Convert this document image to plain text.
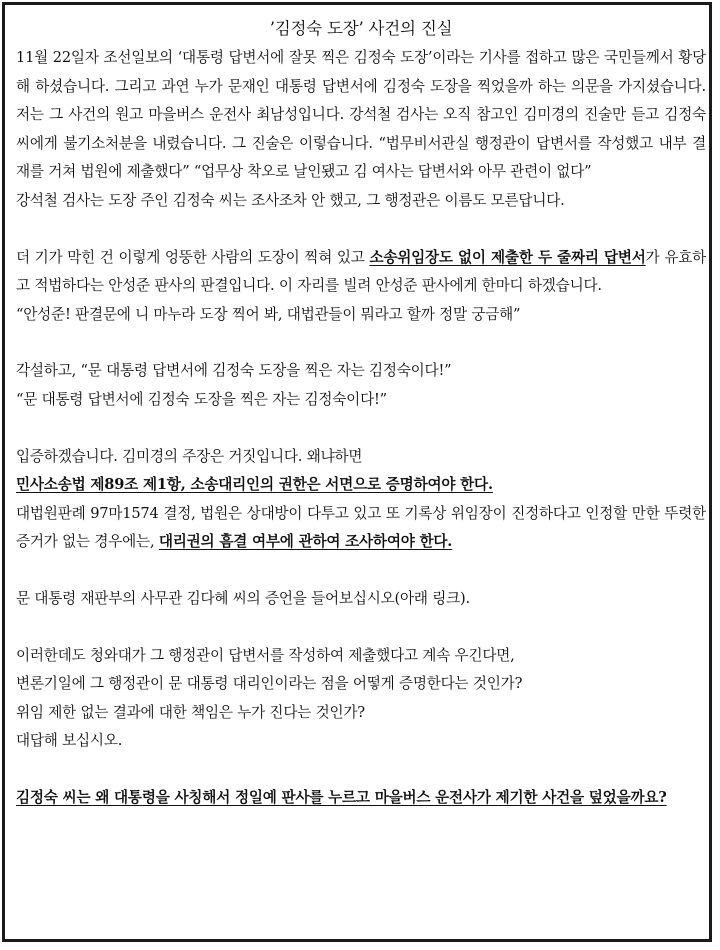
’김정숙 도장’ 사건의 진실

11월 22일자 조선일보의 ‘대통령 답변서에 잘못 찍은 김정숙 도장’이라는 기사를 접하고 많은 국민들께서 황당해 하셨습니다. 그리고 과연 누가 문재인 대통령 답변서에 김정숙 도장을 찍었을까 하는 의문을 가지셨습니다. 저는 그 사건의 원고 마을버스 운전사 최남성입니다. 강석철 검사는 오직 참고인 김미경의 진술만 듣고 김정숙 씨에게 불기소처분을 내렸습니다. 그 진술은 이렇습니다. “법무비서관실 행정관이 답변서를 작성했고 내부 결재를 거쳐 법원에 제출했다” “업무상 착오로 날인됐고 김 여사는 답변서와 아무 관련이 없다”

강석철 검사는 도장 주인 김정숙 씨는 조사조차 안 했고, 그 행정관은 이름도 모른답니다.

더 기가 막힌 건 이렇게 엉뚱한 사람의 도장이 찍혀 있고 소송위임장도 없이 제출한 두 줄짜리 답변서가 유효하고 적법하다는 안성준 판사의 판결입니다. 이 자리를 빌려 안성준 판사에게 한마디 하겠습니다.

“안성준! 판결문에 니 마누라 도장 찍어 봐, 대법관들이 뭐라고 할까 정말 궁금해”

각설하고, “문 대통령 답변서에 김정숙 도장을 찍은 자는 김정숙이다!”

“문 대통령 답변서에 김정숙 도장을 찍은 자는 김정숙이다!”

입증하겠습니다. 김미경의 주장은 거짓입니다. 왜냐하면

민사소송법 제89조 제1항, 소송대리인의 권한은 서면으로 증명하여야 한다.

대법원판례 97마1574 결정, 법원은 상대방이 다투고 있고 또 기록상 위임장이 진정하다고 인정할 만한 뚜렷한 증거가 없는 경우에는, 대리권의 흠결 여부에 관하여 조사하여야 한다.

문 대통령 재판부의 사무관 김다혜 씨의 증언을 들어보십시오(아래 링크).

이러한데도 청와대가 그 행정관이 답변서를 작성하여 제출했다고 계속 우긴다면,

변론기일에 그 행정관이 문 대통령 대리인이라는 점을 어떻게 증명한다는 것인가?

위임 제한 없는 결과에 대한 책임은 누가 진다는 것인가?

대답해 보십시오.

김정숙 씨는 왜 대통령을 사칭해서 정일예 판사를 누르고 마을버스 운전사가 제기한 사건을 덮었을까요?
